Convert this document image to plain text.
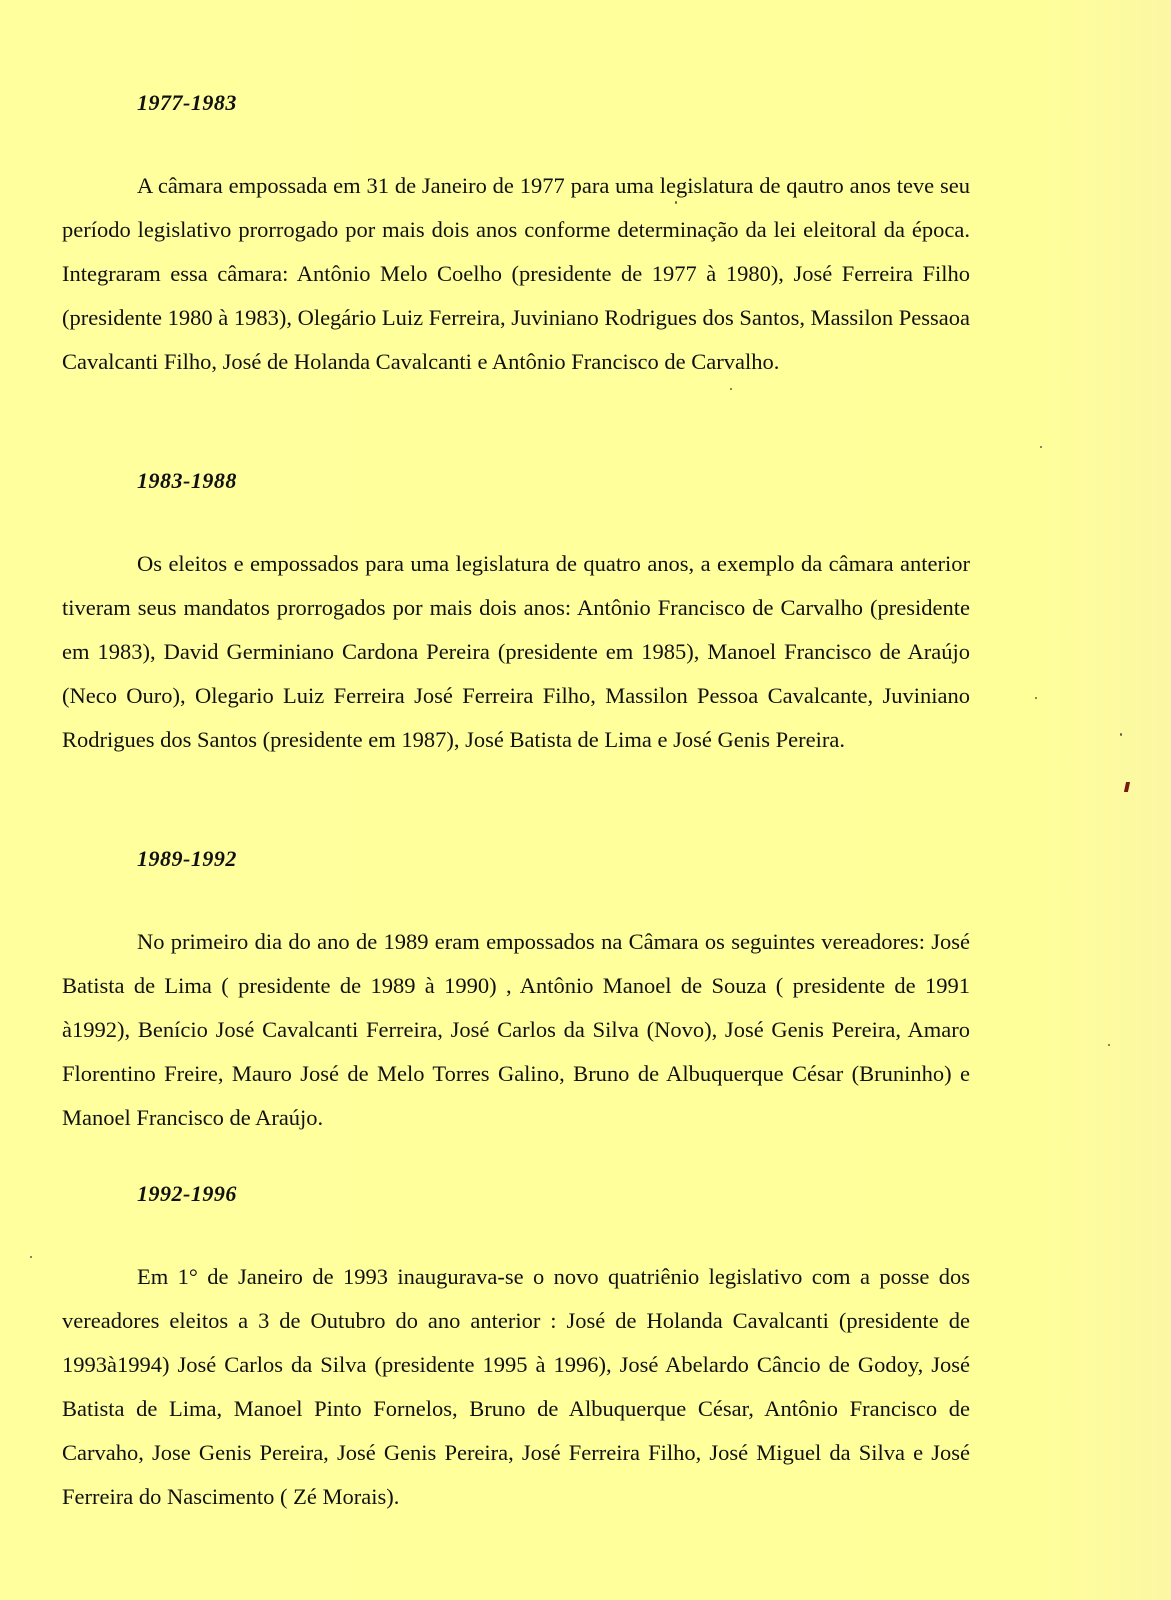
1977-1983

A câmara empossada em 31 de Janeiro de 1977 para uma legislatura de qautro anos teve seu período legislativo prorrogado por mais dois anos conforme determinação da lei eleitoral da época. Integraram essa câmara: Antônio Melo Coelho (presidente de 1977 à 1980), José Ferreira Filho (presidente 1980 à 1983), Olegário Luiz Ferreira, Juviniano Rodrigues dos Santos, Massilon Pessaoa Cavalcanti Filho, José de Holanda Cavalcanti e Antônio Francisco de Carvalho.

1983-1988

Os eleitos e empossados para uma legislatura de quatro anos, a exemplo da câmara anterior tiveram seus mandatos prorrogados por mais dois anos: Antônio Francisco de Carvalho (presidente em 1983), David Germiniano Cardona Pereira (presidente em 1985), Manoel Francisco de Araújo (Neco Ouro), Olegario Luiz Ferreira José Ferreira Filho, Massilon Pessoa Cavalcante, Juviniano Rodrigues dos Santos (presidente em 1987), José Batista de Lima e José Genis Pereira.

1989-1992

No primeiro dia do ano de 1989 eram empossados na Câmara os seguintes vereadores: José Batista de Lima ( presidente de 1989 à 1990) , Antônio Manoel de Souza ( presidente de 1991 à1992), Benício José Cavalcanti Ferreira, José Carlos da Silva (Novo), José Genis Pereira, Amaro Florentino Freire, Mauro José de Melo Torres Galino, Bruno de Albuquerque César (Bruninho) e Manoel Francisco de Araújo.

1992-1996

Em 1° de Janeiro de 1993 inaugurava-se o novo quatriênio legislativo com a posse dos vereadores eleitos a 3 de Outubro do ano anterior : José de Holanda Cavalcanti (presidente de 1993à1994) José Carlos da Silva (presidente 1995 à 1996), José Abelardo Câncio de Godoy, José Batista de Lima, Manoel Pinto Fornelos, Bruno de Albuquerque César, Antônio Francisco de Carvaho, Jose Genis Pereira, José Genis Pereira, José Ferreira Filho, José Miguel da Silva e José Ferreira do Nascimento ( Zé Morais).
